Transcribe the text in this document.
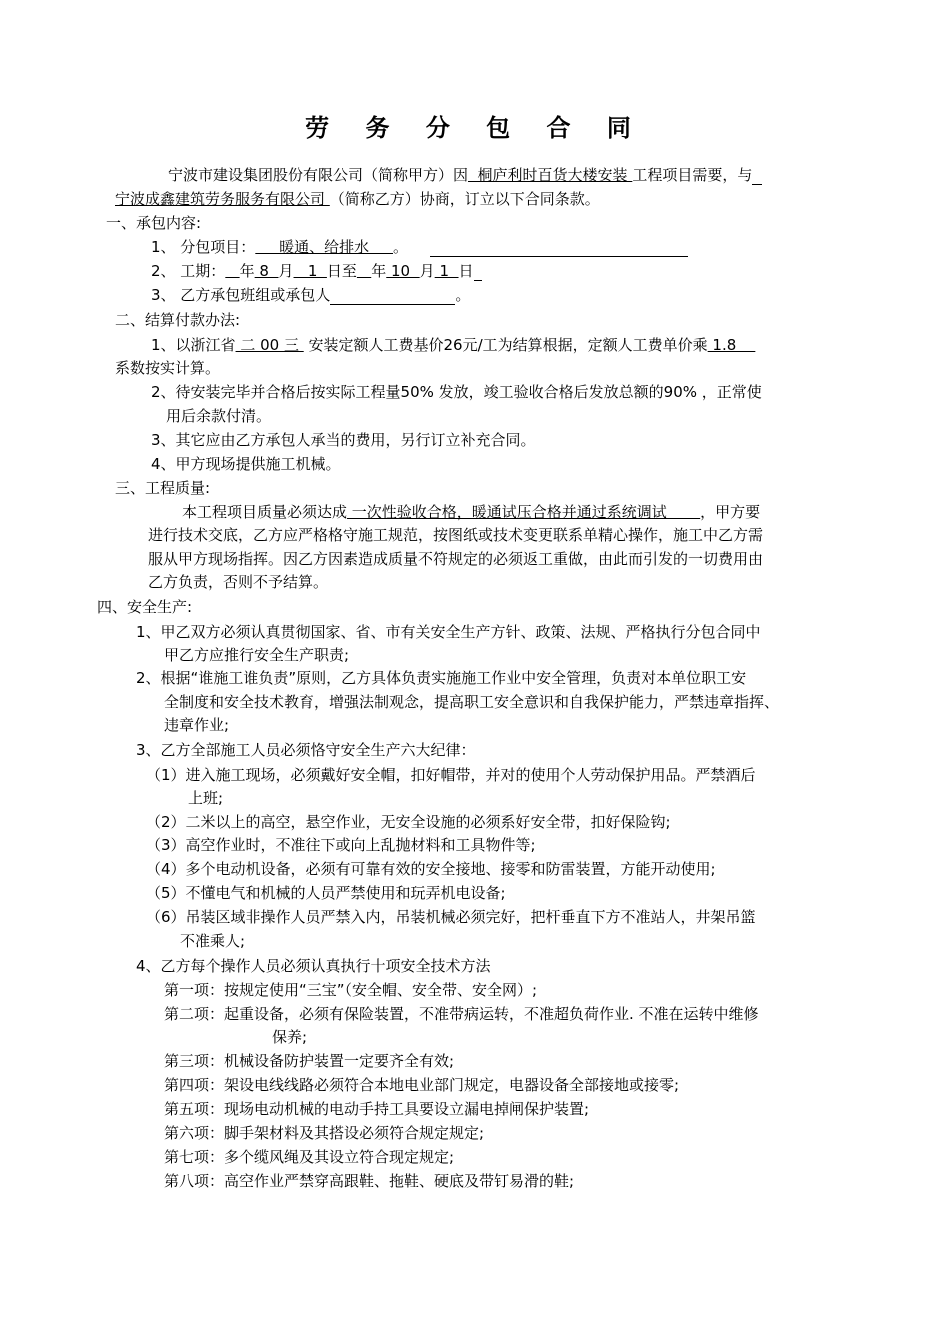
劳 务 分 包 合 同
宁波市建设集团股份有限公司（简称甲方）因  桐庐利时百货大楼安装 工程项目需要，与
宁波成鑫建筑劳务服务有限公司 （简称乙方）协商，订立以下合同条款。
一、承包内容:
1、 分包项目：     暖通、给排水     。
2、 工期： 年 8  月   1  日至 年 10  月 1  日
3、 乙方承包班组或承包人	。
二、结算付款办法:
1、以浙江省 二 00 三  安装定额人工费基价26元/工为结算根据，定额人工费单价乘 1.8
系数按实计算。
2、待安装完毕并合格后按实际工程量50% 发放，竣工验收合格后发放总额的90% ，正常使
用后余款付清。
3、其它应由乙方承包人承当的费用，另行订立补充合同。
4、甲方现场提供施工机械。
三、工程质量:
本工程项目质量必须达成 一次性验收合格，暖通试压合格并通过系统调试       ，甲方要
进行技术交底，乙方应严格格守施工规范，按图纸或技术变更联系单精心操作，施工中乙方需
服从甲方现场指挥。因乙方因素造成质量不符规定的必须返工重做，由此而引发的一切费用由
乙方负责，否则不予结算。
四、安全生产:
1、甲乙双方必须认真贯彻国家、省、市有关安全生产方针、政策、法规、严格执行分包合同中
甲乙方应推行安全生产职责;
2、根据“谁施工谁负责”原则，乙方具体负责实施施工作业中安全管理，负责对本单位职工安
全制度和安全技术教育，增强法制观念，提高职工安全意识和自我保护能力，严禁违章指挥、
违章作业;
3、乙方全部施工人员必须恪守安全生产六大纪律：
（1）进入施工现场，必须戴好安全帽，扣好帽带，并对的使用个人劳动保护用品。严禁酒后
上班;
（2）二米以上的高空，悬空作业，无安全设施的必须系好安全带，扣好保险钩;
（3）高空作业时，不准往下或向上乱抛材料和工具物件等;
（4）多个电动机设备，必须有可靠有效的安全接地、接零和防雷装置，方能开动使用;
（5）不懂电气和机械的人员严禁使用和玩弄机电设备;
（6）吊装区域非操作人员严禁入内，吊装机械必须完好，把杆垂直下方不准站人，井架吊篮
不准乘人;
4、乙方每个操作人员必须认真执行十项安全技术方法
第一项：按规定使用“三宝”（安全帽、安全带、安全网）;
第二项：起重设备，必须有保险装置，不准带病运转，不准超负荷作业. 不准在运转中维修
保养;
第三项：机械设备防护装置一定要齐全有效;
第四项：架设电线线路必须符合本地电业部门规定，电器设备全部接地或接零;
第五项：现场电动机械的电动手持工具要设立漏电掉闸保护装置;
第六项：脚手架材料及其搭设必须符合规定规定;
第七项：多个缆风绳及其设立符合现定规定;
第八项：高空作业严禁穿高跟鞋、拖鞋、硬底及带钉易滑的鞋;
